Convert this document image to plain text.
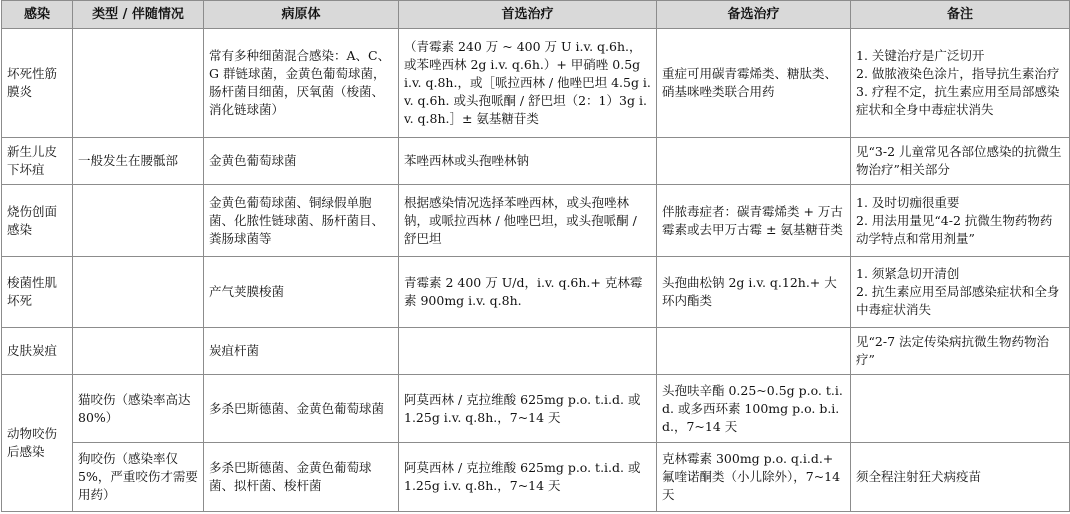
感染	类型 / 伴随情况	病原体	首选治疗	备选治疗	备注
坏死性筋膜炎		常有多种细菌混合感染：A、C、G 群链球菌，金黄色葡萄球菌，肠杆菌目细菌，厌氧菌（梭菌、消化链球菌）	（青霉素 240 万 ~ 400 万 U i.v. q.6h.，或苯唑西林 2g i.v. q.6h.）+ 甲硝唑 0.5g i.v. q.8h.，或［哌拉西林 / 他唑巴坦 4.5g i.v. q.6h. 或头孢哌酮 / 舒巴坦（2：1）3g i.v. q.8h.］± 氨基糖苷类	重症可用碳青霉烯类、糖肽类、硝基咪唑类联合用药	1. 关键治疗是广泛切开
2. 做脓液染色涂片，指导抗生素治疗
3. 疗程不定，抗生素应用至局部感染症状和全身中毒症状消失

新生儿皮下坏疽	一般发生在腰骶部	金黄色葡萄球菌	苯唑西林或头孢唑林钠		见“3-2 儿童常见各部位感染的抗微生物治疗”相关部分

烧伤创面感染		金黄色葡萄球菌、铜绿假单胞菌、化脓性链球菌、肠杆菌目、粪肠球菌等	根据感染情况选择苯唑西林，或头孢唑林钠，或哌拉西林 / 他唑巴坦，或头孢哌酮 / 舒巴坦	伴脓毒症者：碳青霉烯类 + 万古霉素或去甲万古霉 ± 氨基糖苷类	1. 及时切痂很重要
2. 用法用量见“4-2 抗微生物药物药动学特点和常用剂量”

梭菌性肌坏死		产气荚膜梭菌	青霉素 2 400 万 U/d，i.v. q.6h.+ 克林霉素 900mg i.v. q.8h.	头孢曲松钠 2g i.v. q.12h.+ 大环内酯类	1. 须紧急切开清创
2. 抗生素应用至局部感染症状和全身中毒症状消失

皮肤炭疽		炭疽杆菌			见“2-7 法定传染病抗微生物药物治疗”

动物咬伤后感染	猫咬伤（感染率高达 80%）	多杀巴斯德菌、金黄色葡萄球菌	阿莫西林 / 克拉维酸 625mg p.o. t.i.d. 或 1.25g i.v. q.8h.，7~14 天	头孢呋辛酯 0.25~0.5g p.o. t.i.d. 或多西环素 100mg p.o. b.i.d.，7~14 天	

	狗咬伤（感染率仅 5%，严重咬伤才需要用药）	多杀巴斯德菌、金黄色葡萄球菌、拟杆菌、梭杆菌	阿莫西林 / 克拉维酸 625mg p.o. t.i.d. 或 1.25g i.v. q.8h.，7~14 天	克林霉素 300mg p.o. q.i.d.+ 氟喹诺酮类（小儿除外），7~14 天	须全程注射狂犬病疫苗
